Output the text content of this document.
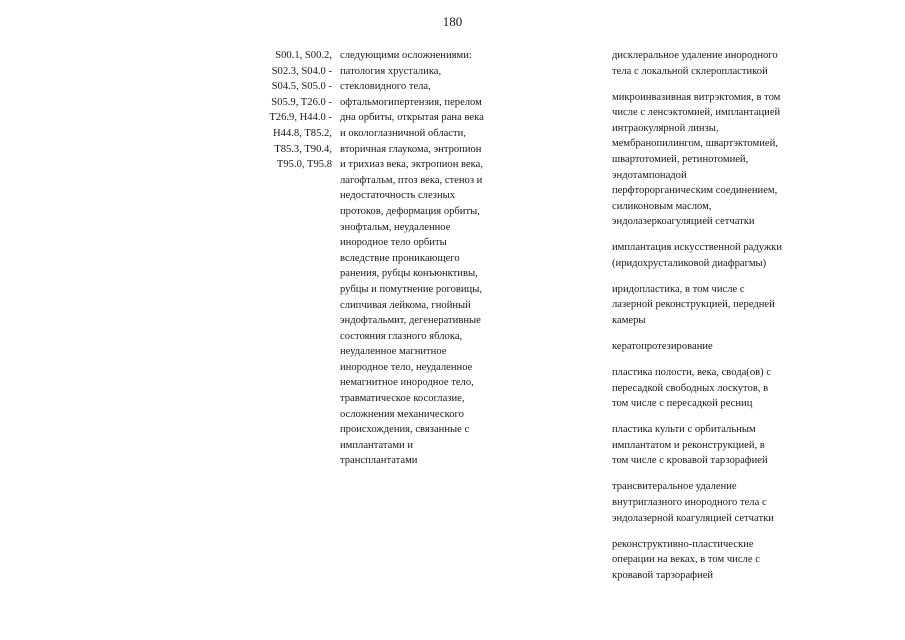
180
S00.1, S00.2,
S02.3, S04.0 -
S04.5, S05.0 -
S05.9, T26.0 -
T26.9, H44.0 -
H44.8, T85.2,
T85.3, T90.4,
T95.0, T95.8
следующими осложнениями:
патология хрусталика,
стекловидного тела,
офтальмогипертензия, перелом
дна орбиты, открытая рана века
и окологлазничной области,
вторичная глаукома, энтропион
и трихиаз века, эктропион века,
лагофтальм, птоз века, стеноз и
недостаточность слезных
протоков, деформация орбиты,
энофтальм, неудаленное
инородное тело орбиты
вследствие проникающего
ранения, рубцы конъюнктивы,
рубцы и помутнение роговицы,
слипчивая лейкома, гнойный
эндофтальмит, дегенеративные
состояния глазного яблока,
неудаленное магнитное
инородное тело, неудаленное
немагнитное инородное тело,
травматическое косоглазие,
осложнения механического
происхождения, связанные с
имплантатами и
трансплантатами
дисклеральное удаление инородного
тела с локальной склеропластикой
микроинвазивная витрэктомия, в том
числе с ленсэктомией, имплантацией
интраокулярной линзы,
мембранопилингом, швартэктомией,
швартотомией, ретинотомией,
эндотампонадой
перфторорганическим соединением,
силиконовым маслом,
эндолазеркоагуляцией сетчатки
имплантация искусственной радужки
(иридохрусталиковой диафрагмы)
иридопластика, в том числе с
лазерной реконструкцией, передней
камеры
кератопротезирование
пластика полости, века, свода(ов) с
пересадкой свободных лоскутов, в
том числе с пересадкой ресниц
пластика культи с орбитальным
имплантатом и реконструкцией, в
том числе с кровавой тарзорафией
трансвитеральное удаление
внутриглазного инородного тела с
эндолазерной коагуляцией сетчатки
реконструктивно-пластические
операции на веках, в том числе с
кровавой тарзорафией
